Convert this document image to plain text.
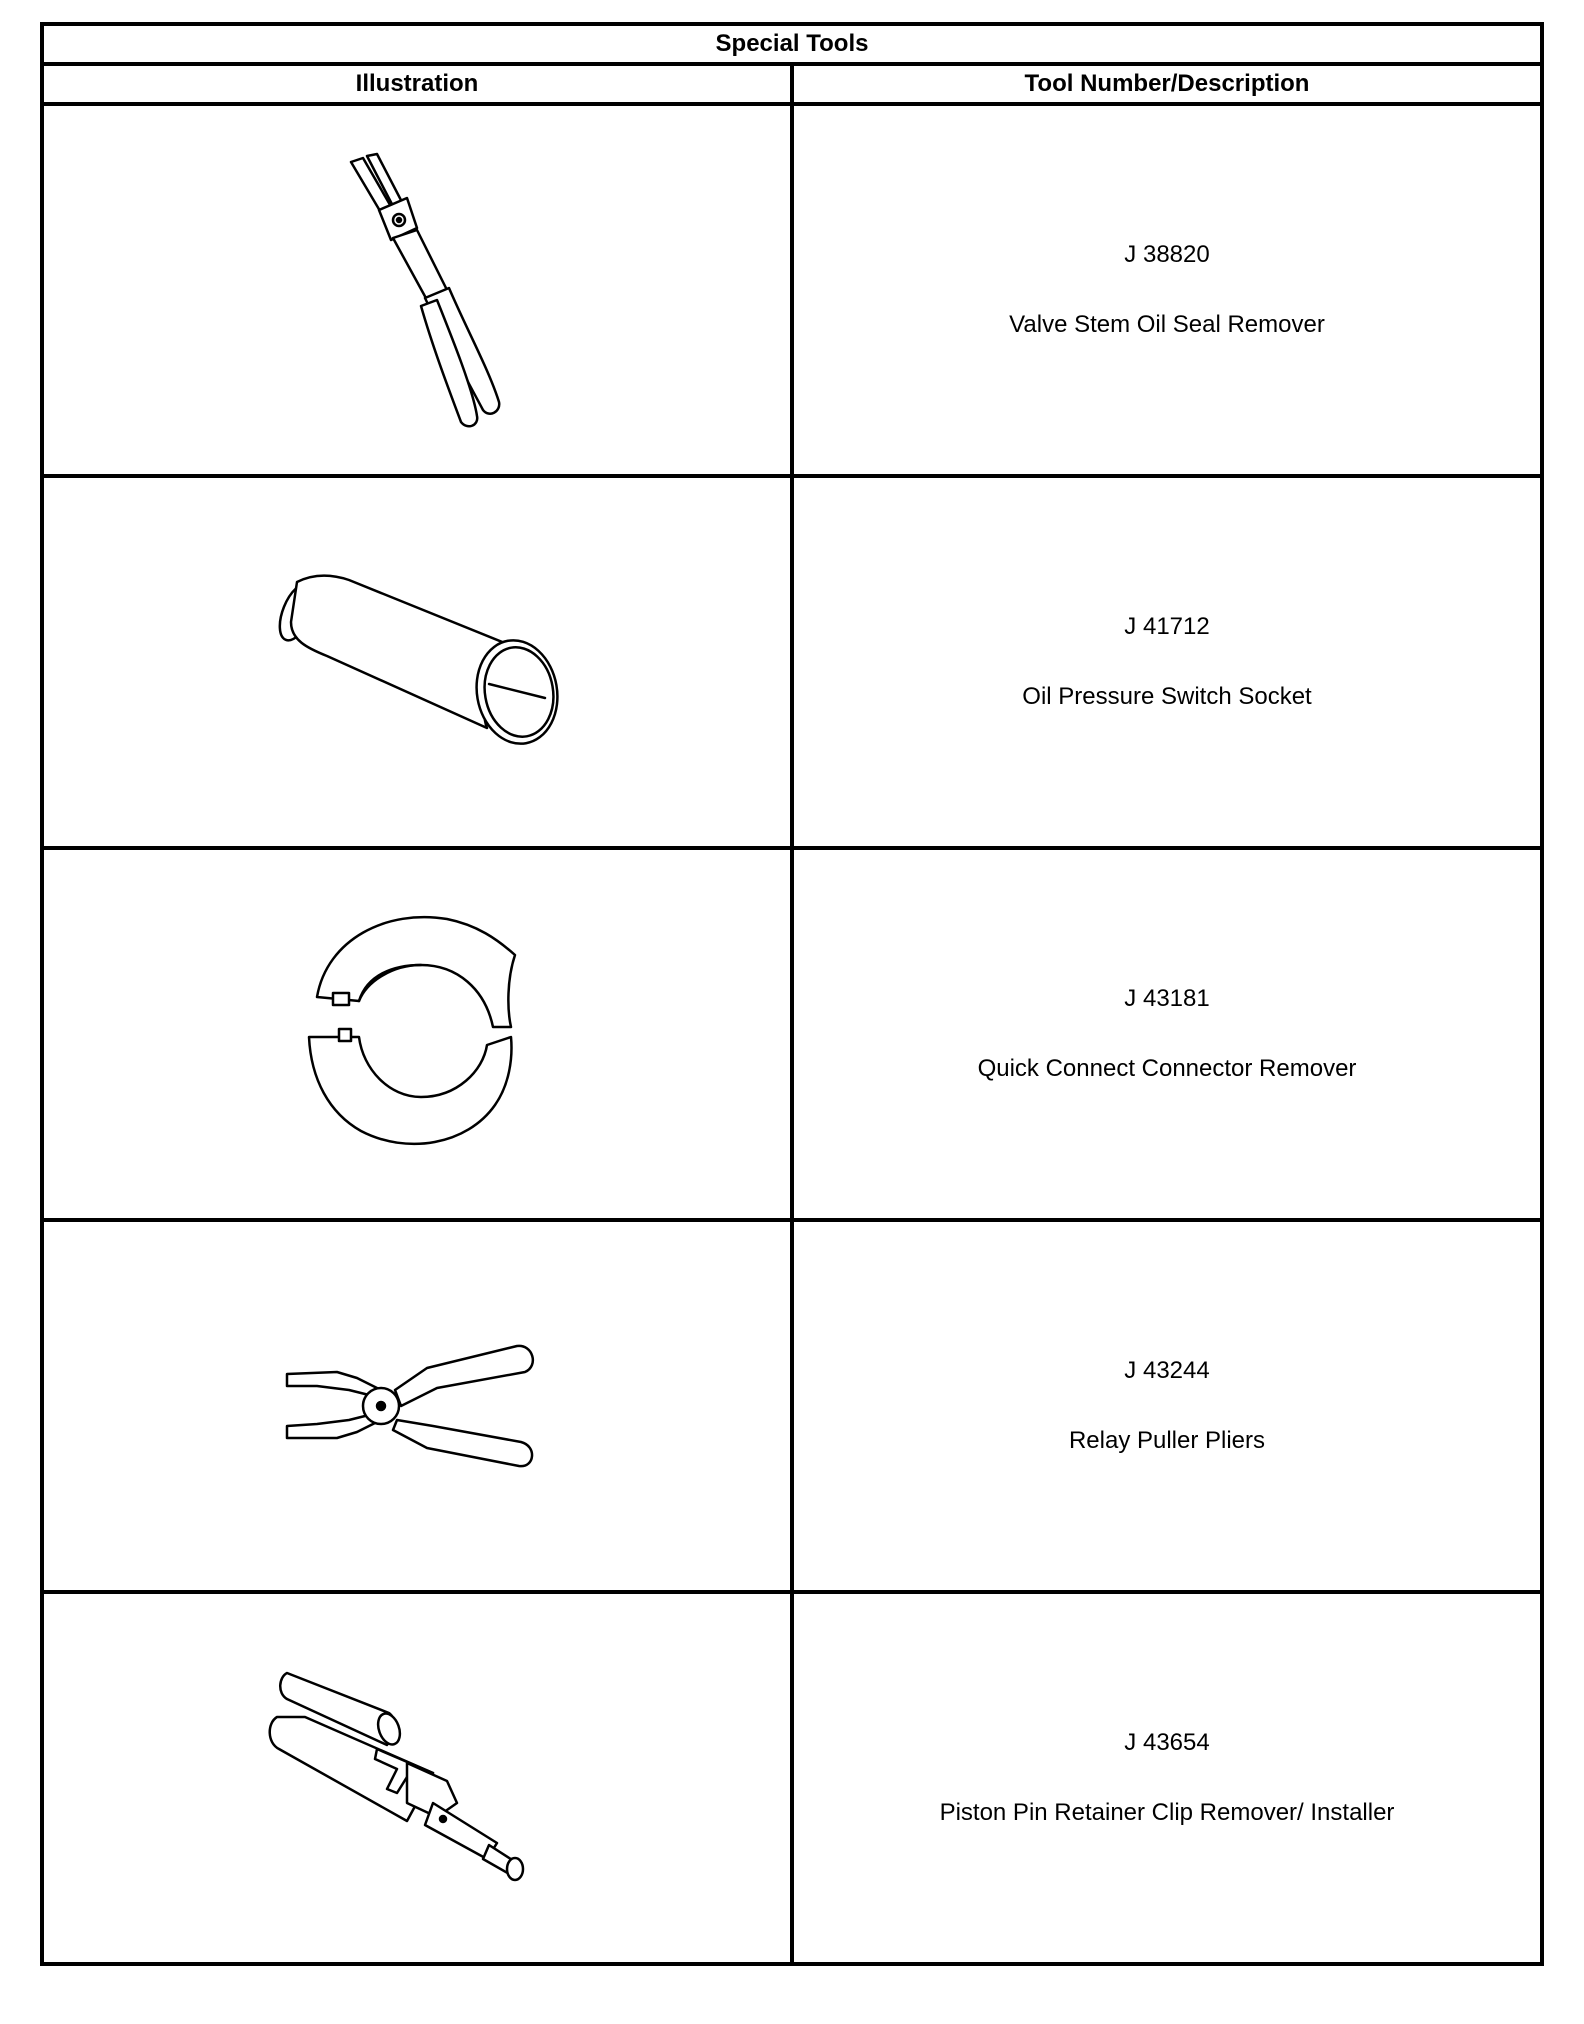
Special Tools	
Illustration	Tool Number/Description

J 38820
Valve Stem Oil Seal Remover

J 41712
Oil Pressure Switch Socket

J 43181
Quick Connect Connector Remover

J 43244
Relay Puller Pliers

J 43654
Piston Pin Retainer Clip Remover/ Installer
